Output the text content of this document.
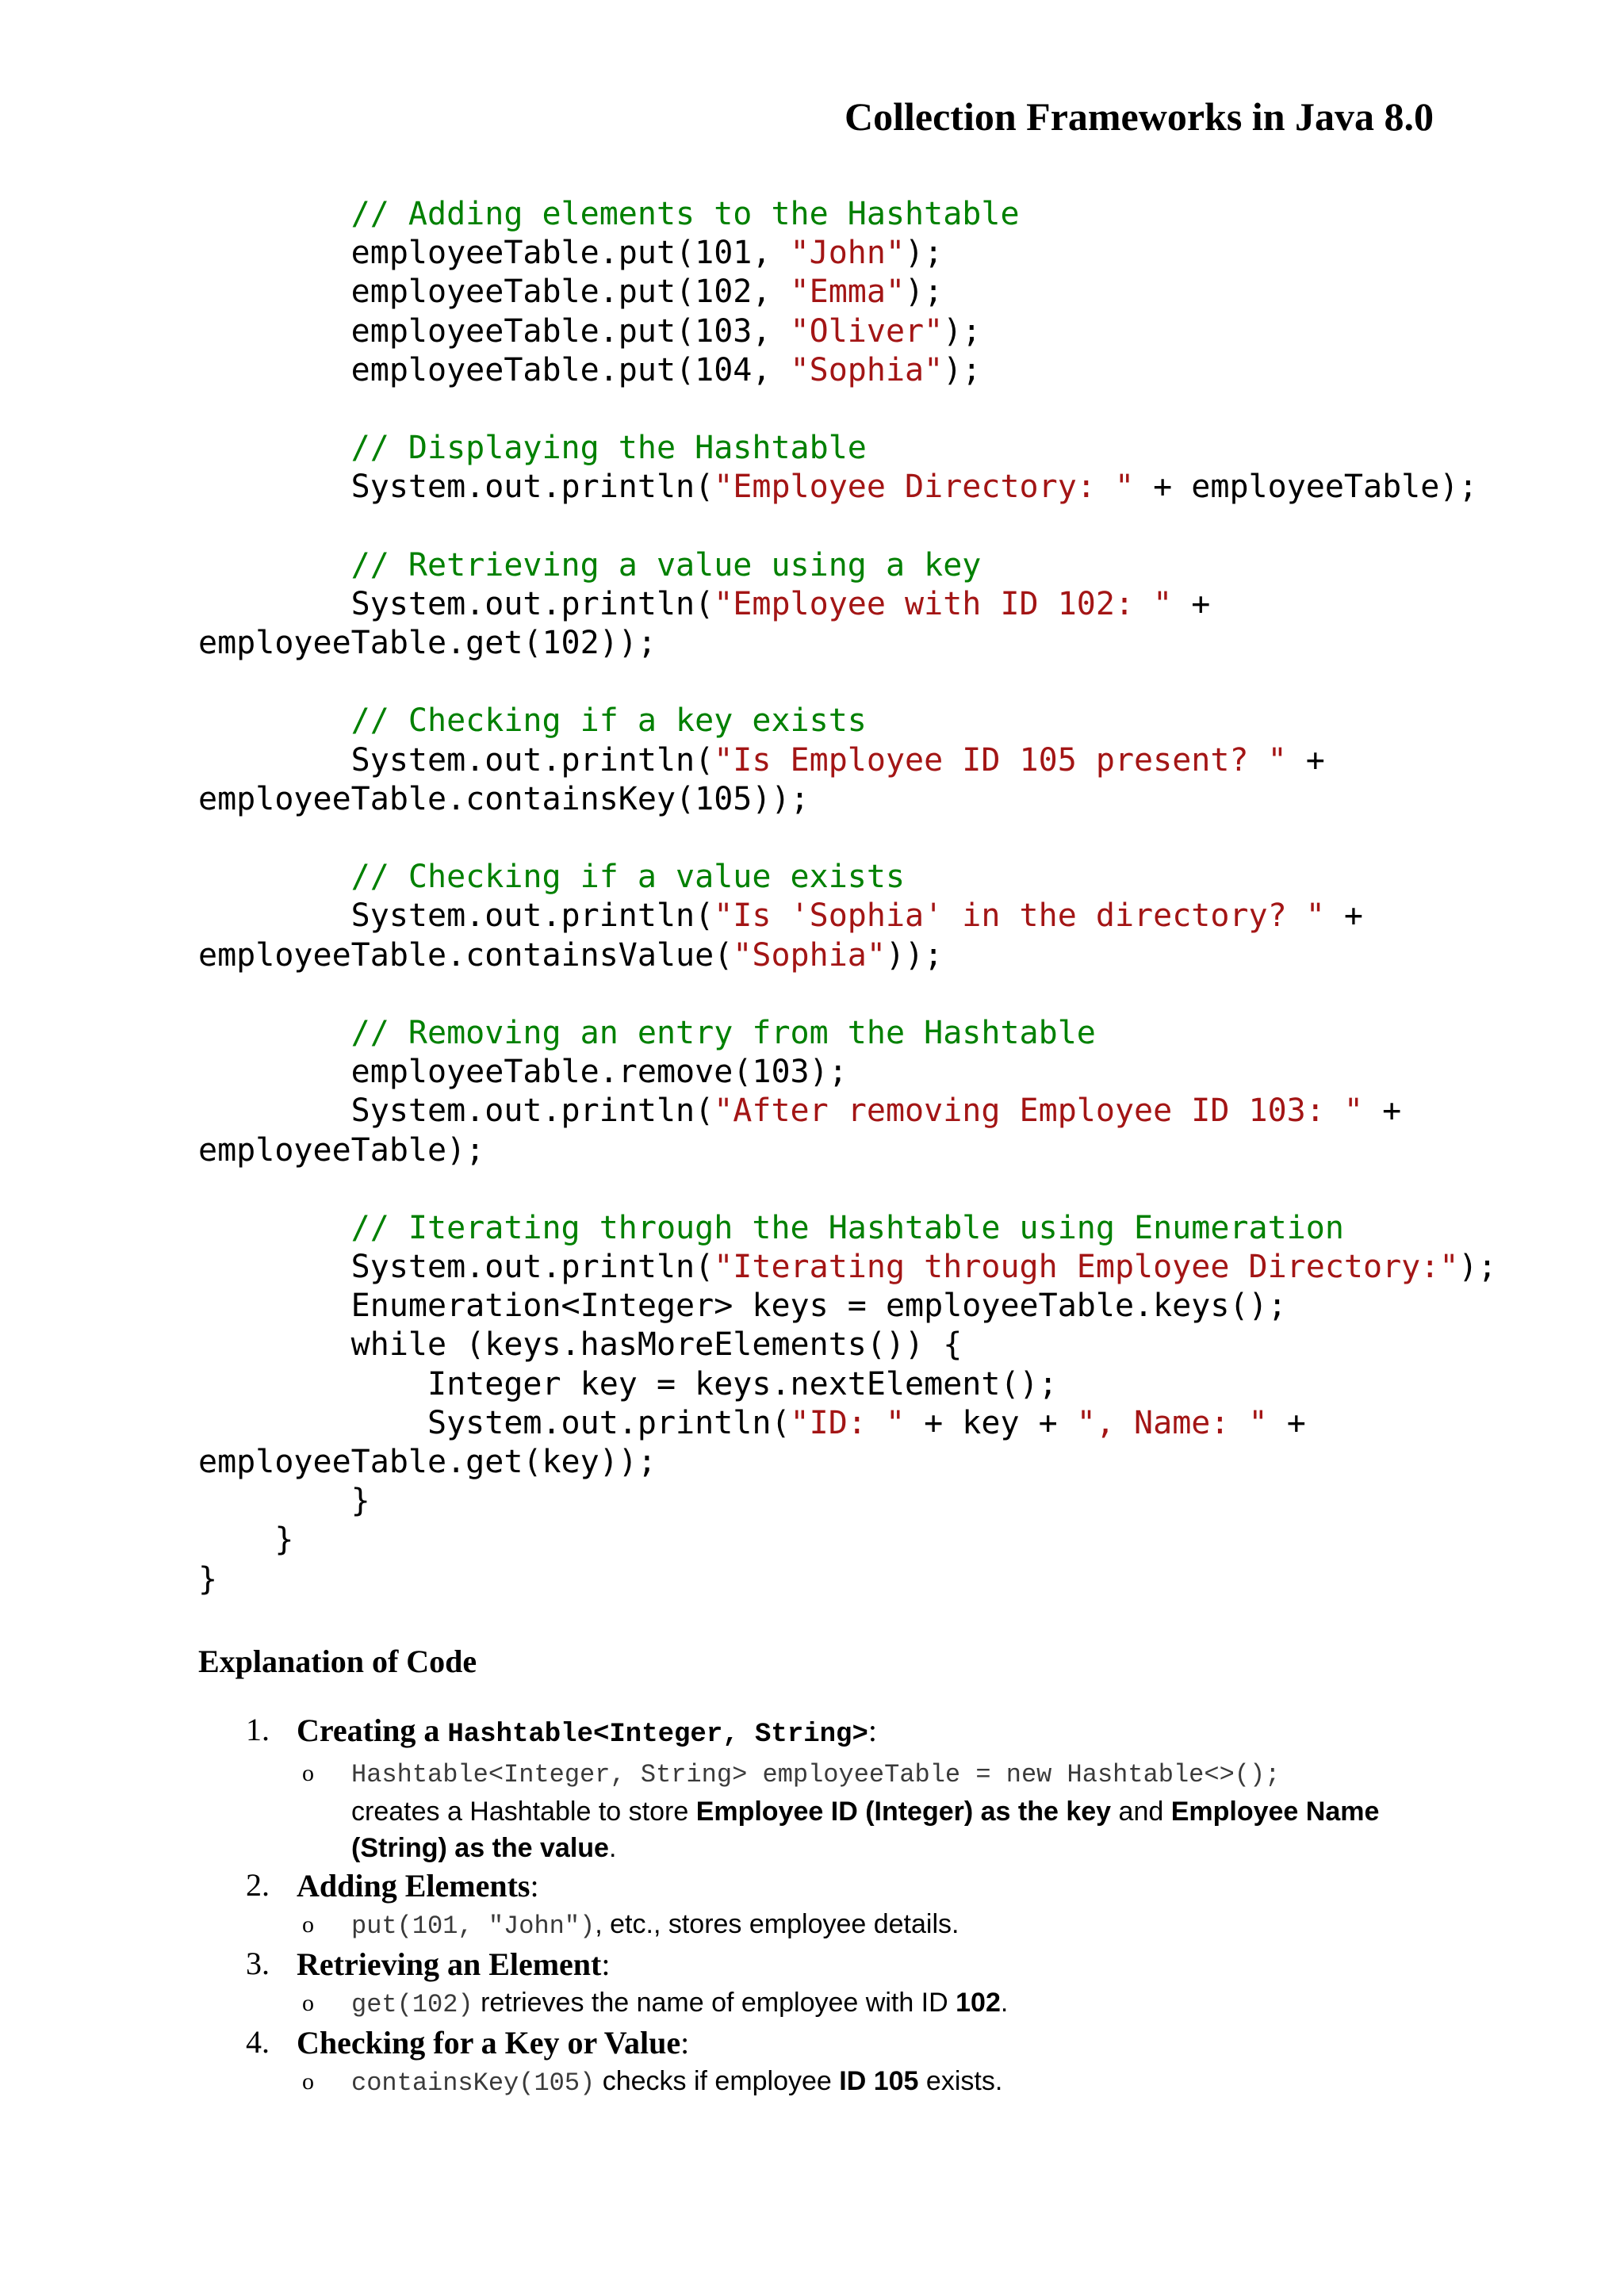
Collection Frameworks in Java 8.0
// Adding elements to the Hashtable
employeeTable.put(101, "John");
employeeTable.put(102, "Emma");
employeeTable.put(103, "Oliver");
employeeTable.put(104, "Sophia");
// Displaying the Hashtable
System.out.println("Employee Directory: " + employeeTable);
// Retrieving a value using a key
System.out.println("Employee with ID 102: " +
employeeTable.get(102));
// Checking if a key exists
System.out.println("Is Employee ID 105 present? " +
employeeTable.containsKey(105));
// Checking if a value exists
System.out.println("Is 'Sophia' in the directory? " +
employeeTable.containsValue("Sophia"));
// Removing an entry from the Hashtable
employeeTable.remove(103);
System.out.println("After removing Employee ID 103: " +
employeeTable);
// Iterating through the Hashtable using Enumeration
System.out.println("Iterating through Employee Directory:");
Enumeration<Integer> keys = employeeTable.keys();
while (keys.hasMoreElements()) {
Integer key = keys.nextElement();
System.out.println("ID: " + key + ", Name: " +
employeeTable.get(key));
}
}
}
Explanation of Code
1. Creating a Hashtable<Integer, String>:
o Hashtable<Integer, String> employeeTable = new Hashtable<>();
creates a Hashtable to store Employee ID (Integer) as the key and Employee Name (String) as the value.
2. Adding Elements:
o put(101, "John"), etc., stores employee details.
3. Retrieving an Element:
o get(102) retrieves the name of employee with ID 102.
4. Checking for a Key or Value:
o containsKey(105) checks if employee ID 105 exists.
